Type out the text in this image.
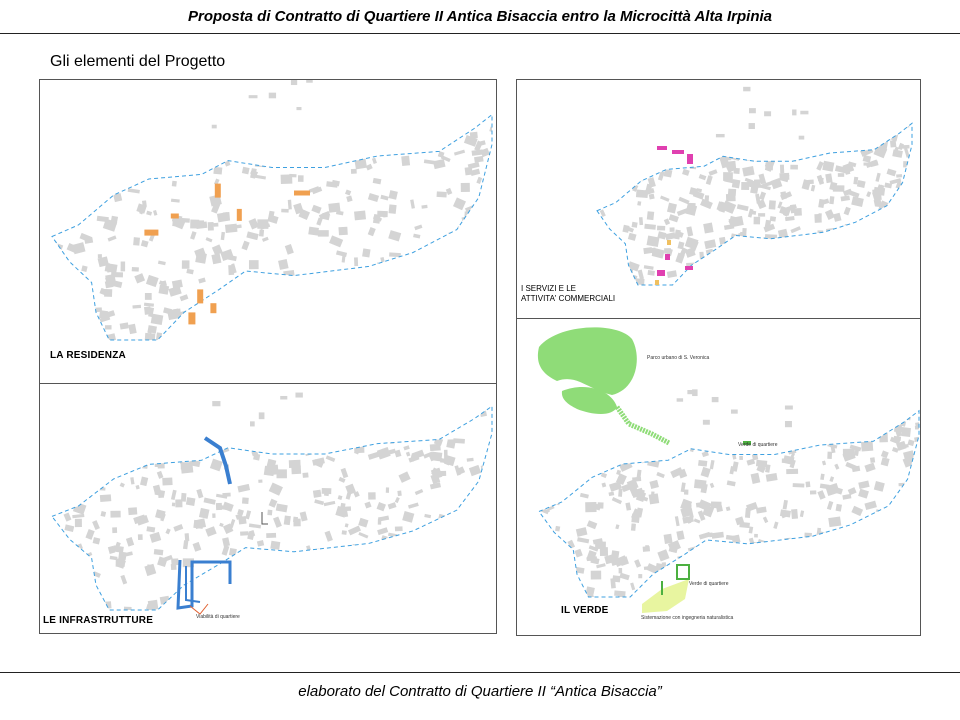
Proposta di Contratto di Quartiere II Antica Bisaccia entro la Microcittà Alta Irpinia
Gli elementi del Progetto
LA RESIDENZA
Viabilità di quartiere
LE INFRASTRUTTURE
I SERVIZI E LE
ATTIVITA' COMMERCIALI
Parco urbano di S. Veronica
Verde di quartiere
Verde di quartiere
Sistemazione con ingegneria naturalistica
IL VERDE
elaborato del Contratto di Quartiere II “Antica Bisaccia”
